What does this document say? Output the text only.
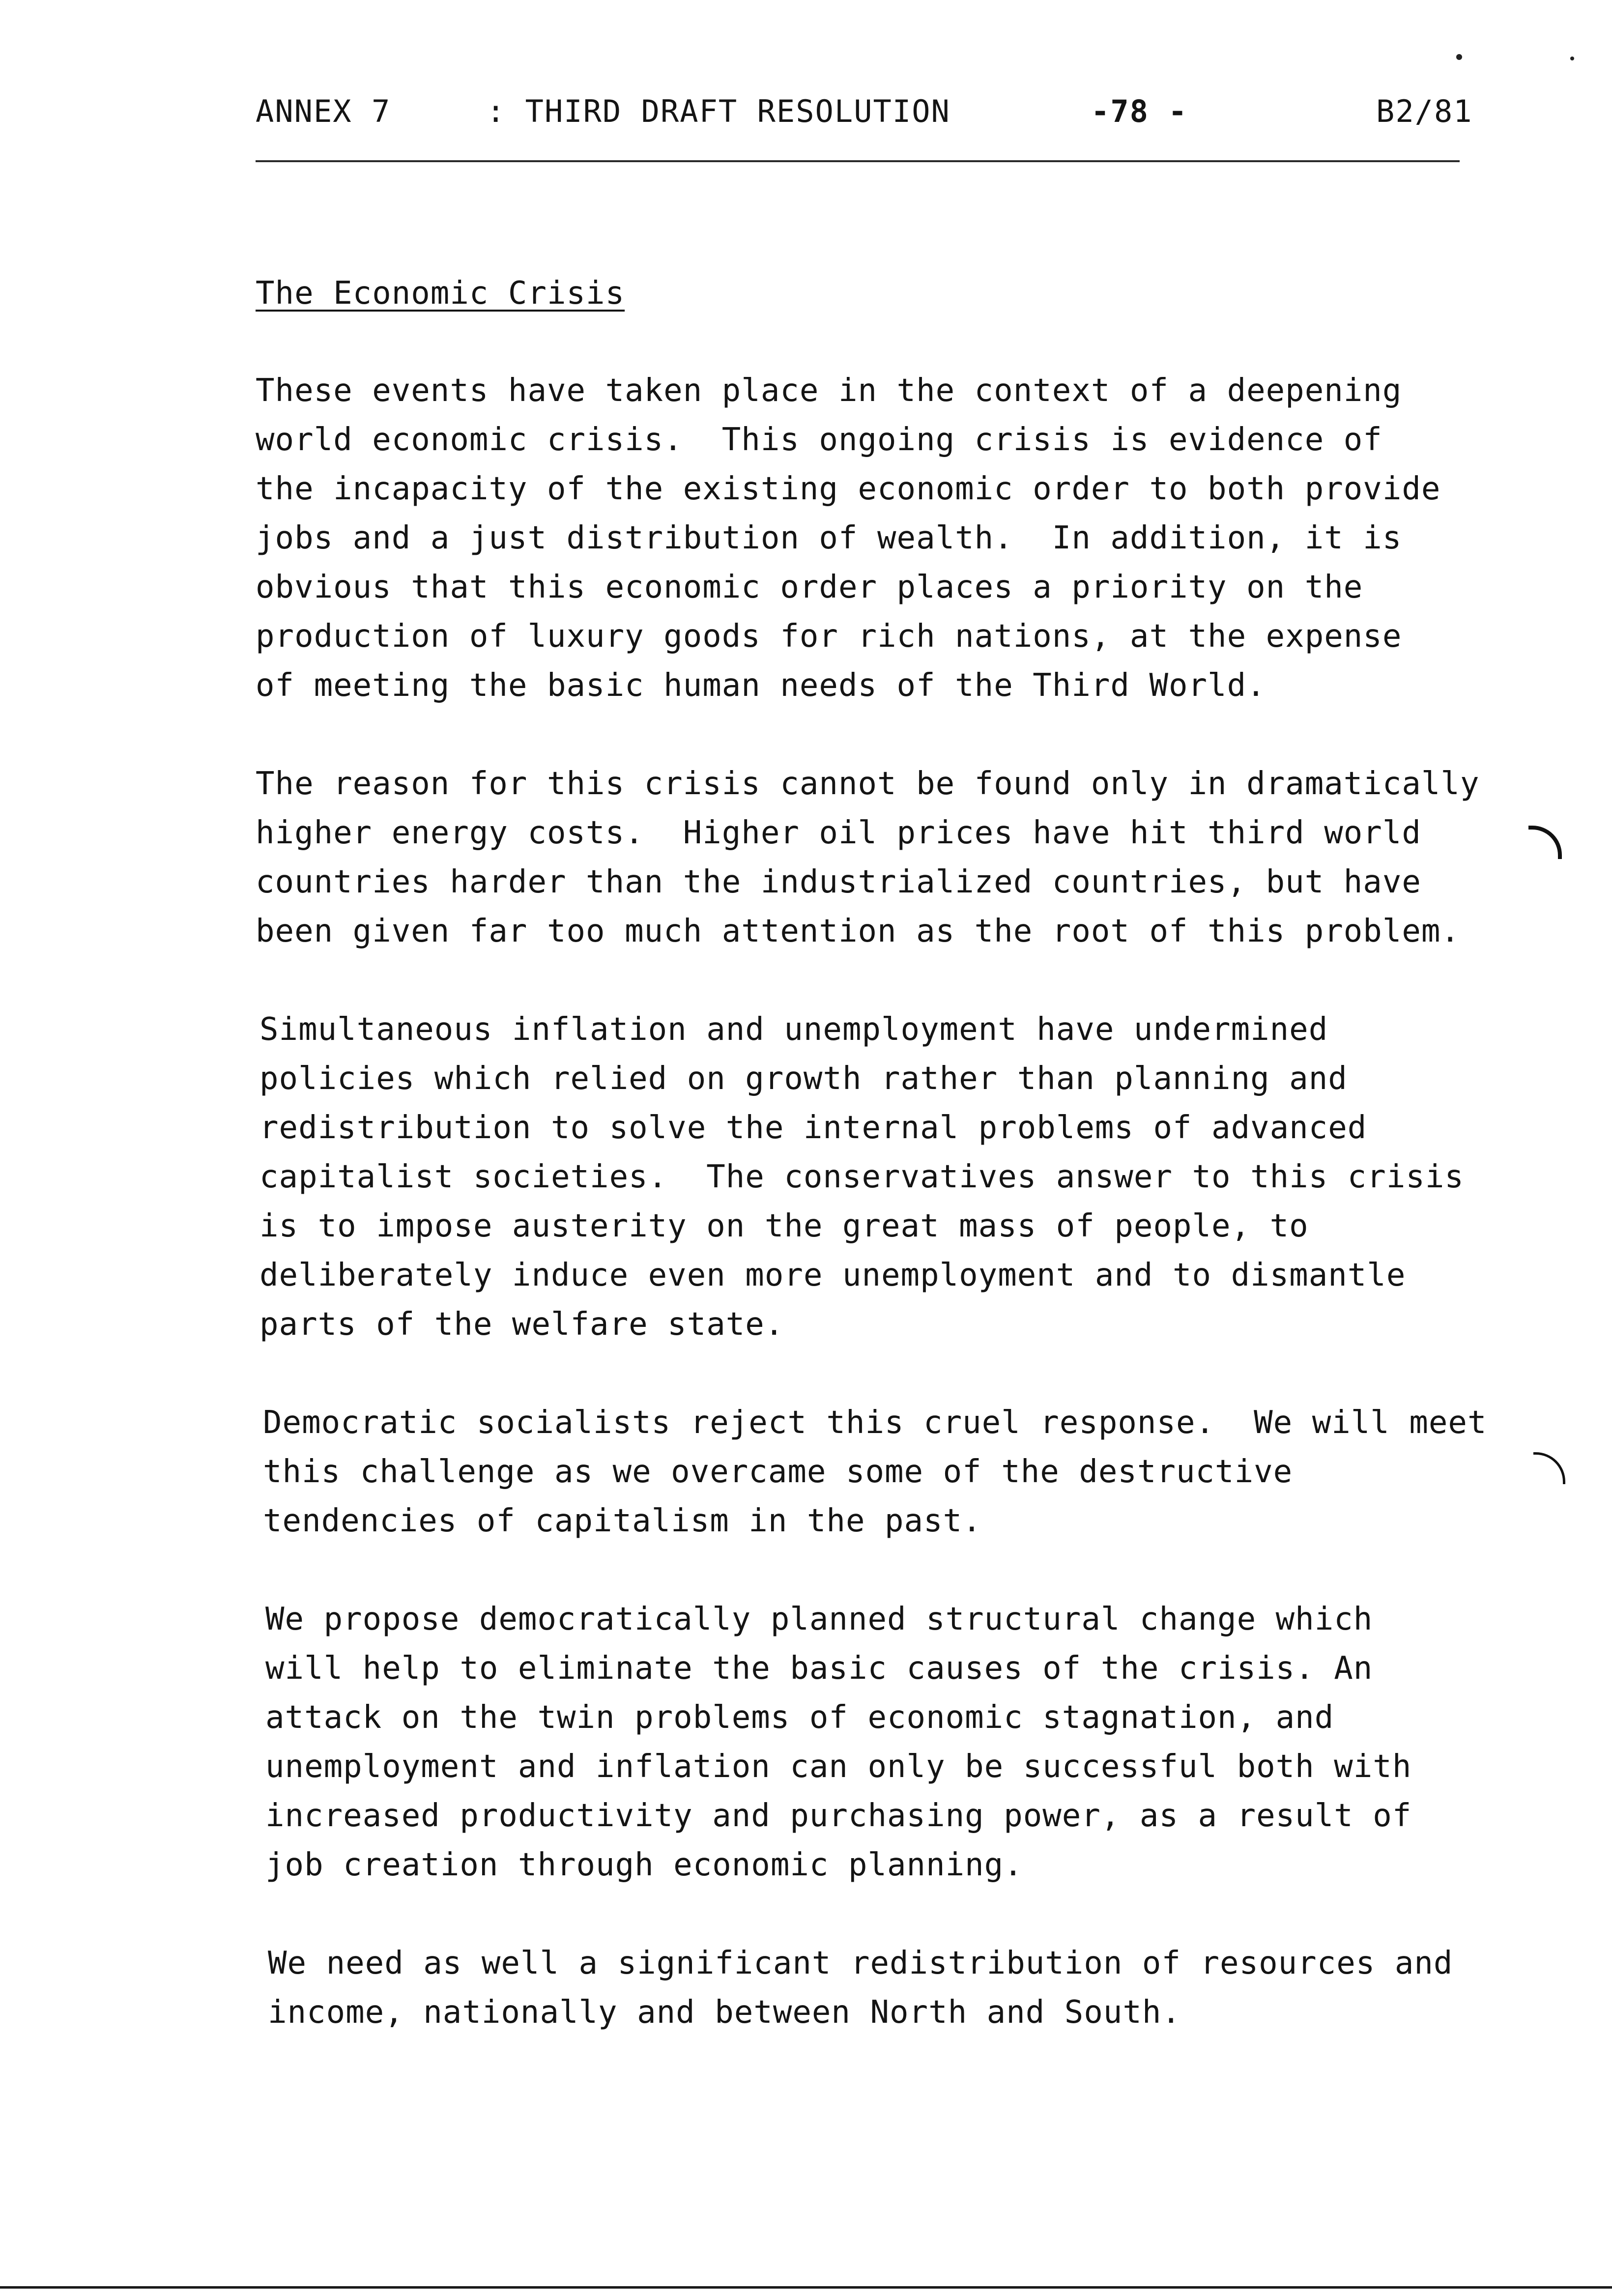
ANNEX 7	: THIRD DRAFT RESOLUTION	-78 -	B2/81
The Economic Crisis
These events have taken place in the context of a deepening
world economic crisis.  This ongoing crisis is evidence of
the incapacity of the existing economic order to both provide
jobs and a just distribution of wealth.  In addition, it is
obvious that this economic order places a priority on the
production of luxury goods for rich nations, at the expense
of meeting the basic human needs of the Third World.
The reason for this crisis cannot be found only in dramatically
higher energy costs.  Higher oil prices have hit third world
countries harder than the industrialized countries, but have
been given far too much attention as the root of this problem.
Simultaneous inflation and unemployment have undermined
policies which relied on growth rather than planning and
redistribution to solve the internal problems of advanced
capitalist societies.  The conservatives answer to this crisis
is to impose austerity on the great mass of people, to
deliberately induce even more unemployment and to dismantle
parts of the welfare state.
Democratic socialists reject this cruel response.  We will meet
this challenge as we overcame some of the destructive
tendencies of capitalism in the past.
We propose democratically planned structural change which
will help to eliminate the basic causes of the crisis. An
attack on the twin problems of economic stagnation, and
unemployment and inflation can only be successful both with
increased productivity and purchasing power, as a result of
job creation through economic planning.
We need as well a significant redistribution of resources and
income, nationally and between North and South.
